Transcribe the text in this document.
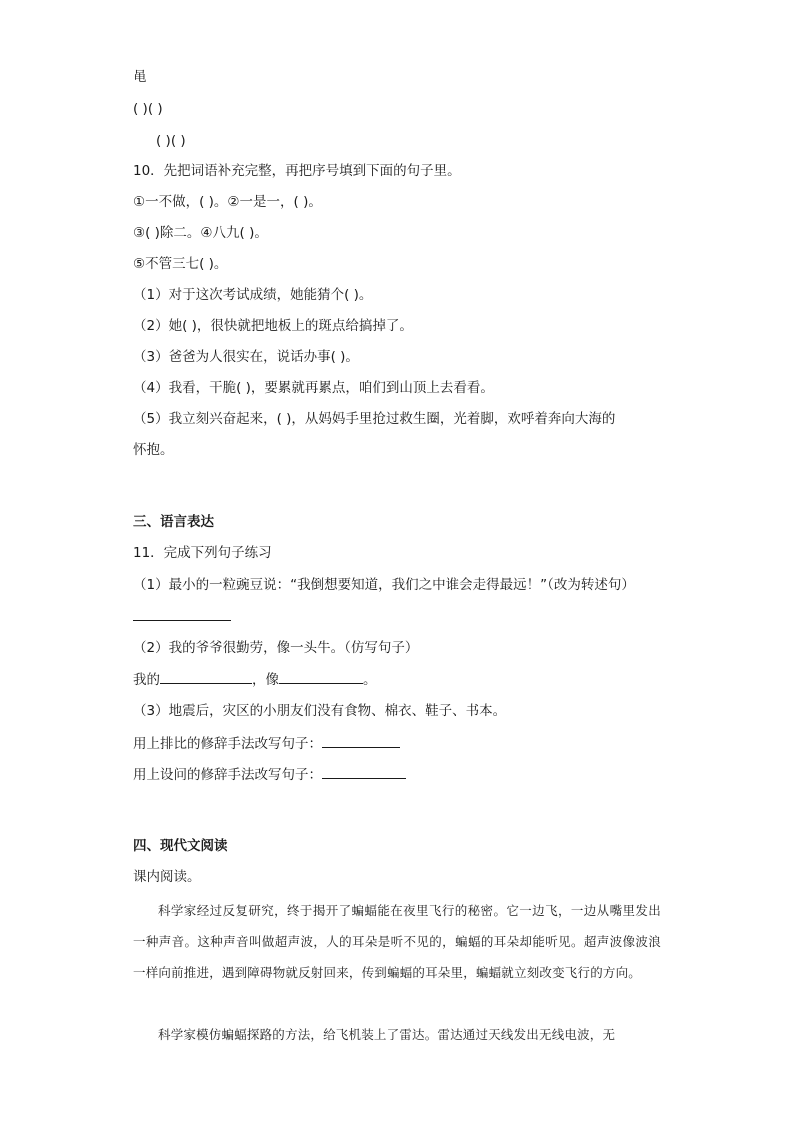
黾
( )( )
( )( )
10．先把词语补充完整，再把序号填到下面的句子里。
①一不做，( )。②一是一，( )。
③( )除二。④八九( )。
⑤不管三七( )。
（1）对于这次考试成绩，她能猜个( )。
（2）她( )，很快就把地板上的斑点给搞掉了。
（3）爸爸为人很实在，说话办事( )。
（4）我看，干脆( )，要累就再累点，咱们到山顶上去看看。
（5）我立刻兴奋起来，( )，从妈妈手里抢过救生圈，光着脚，欢呼着奔向大海的
怀抱。
三、语言表达
11．完成下列句子练习
（1）最小的一粒豌豆说：“我倒想要知道，我们之中谁会走得最远！”（改为转述句）
（2）我的爷爷很勤劳，像一头牛。（仿写句子）
我的	，像	。
（3）地震后，灾区的小朋友们没有食物、棉衣、鞋子、书本。
用上排比的修辞手法改写句子：
用上设问的修辞手法改写句子：
四、现代文阅读
课内阅读。
科学家经过反复研究，终于揭开了蝙蝠能在夜里飞行的秘密。它一边飞，一边从嘴里发出一种声音。这种声音叫做超声波，人的耳朵是听不见的，蝙蝠的耳朵却能听见。超声波像波浪一样向前推进，遇到障碍物就反射回来，传到蝙蝠的耳朵里，蝙蝠就立刻改变飞行的方向。
科学家模仿蝙蝠探路的方法，给飞机装上了雷达。雷达通过天线发出无线电波，无
